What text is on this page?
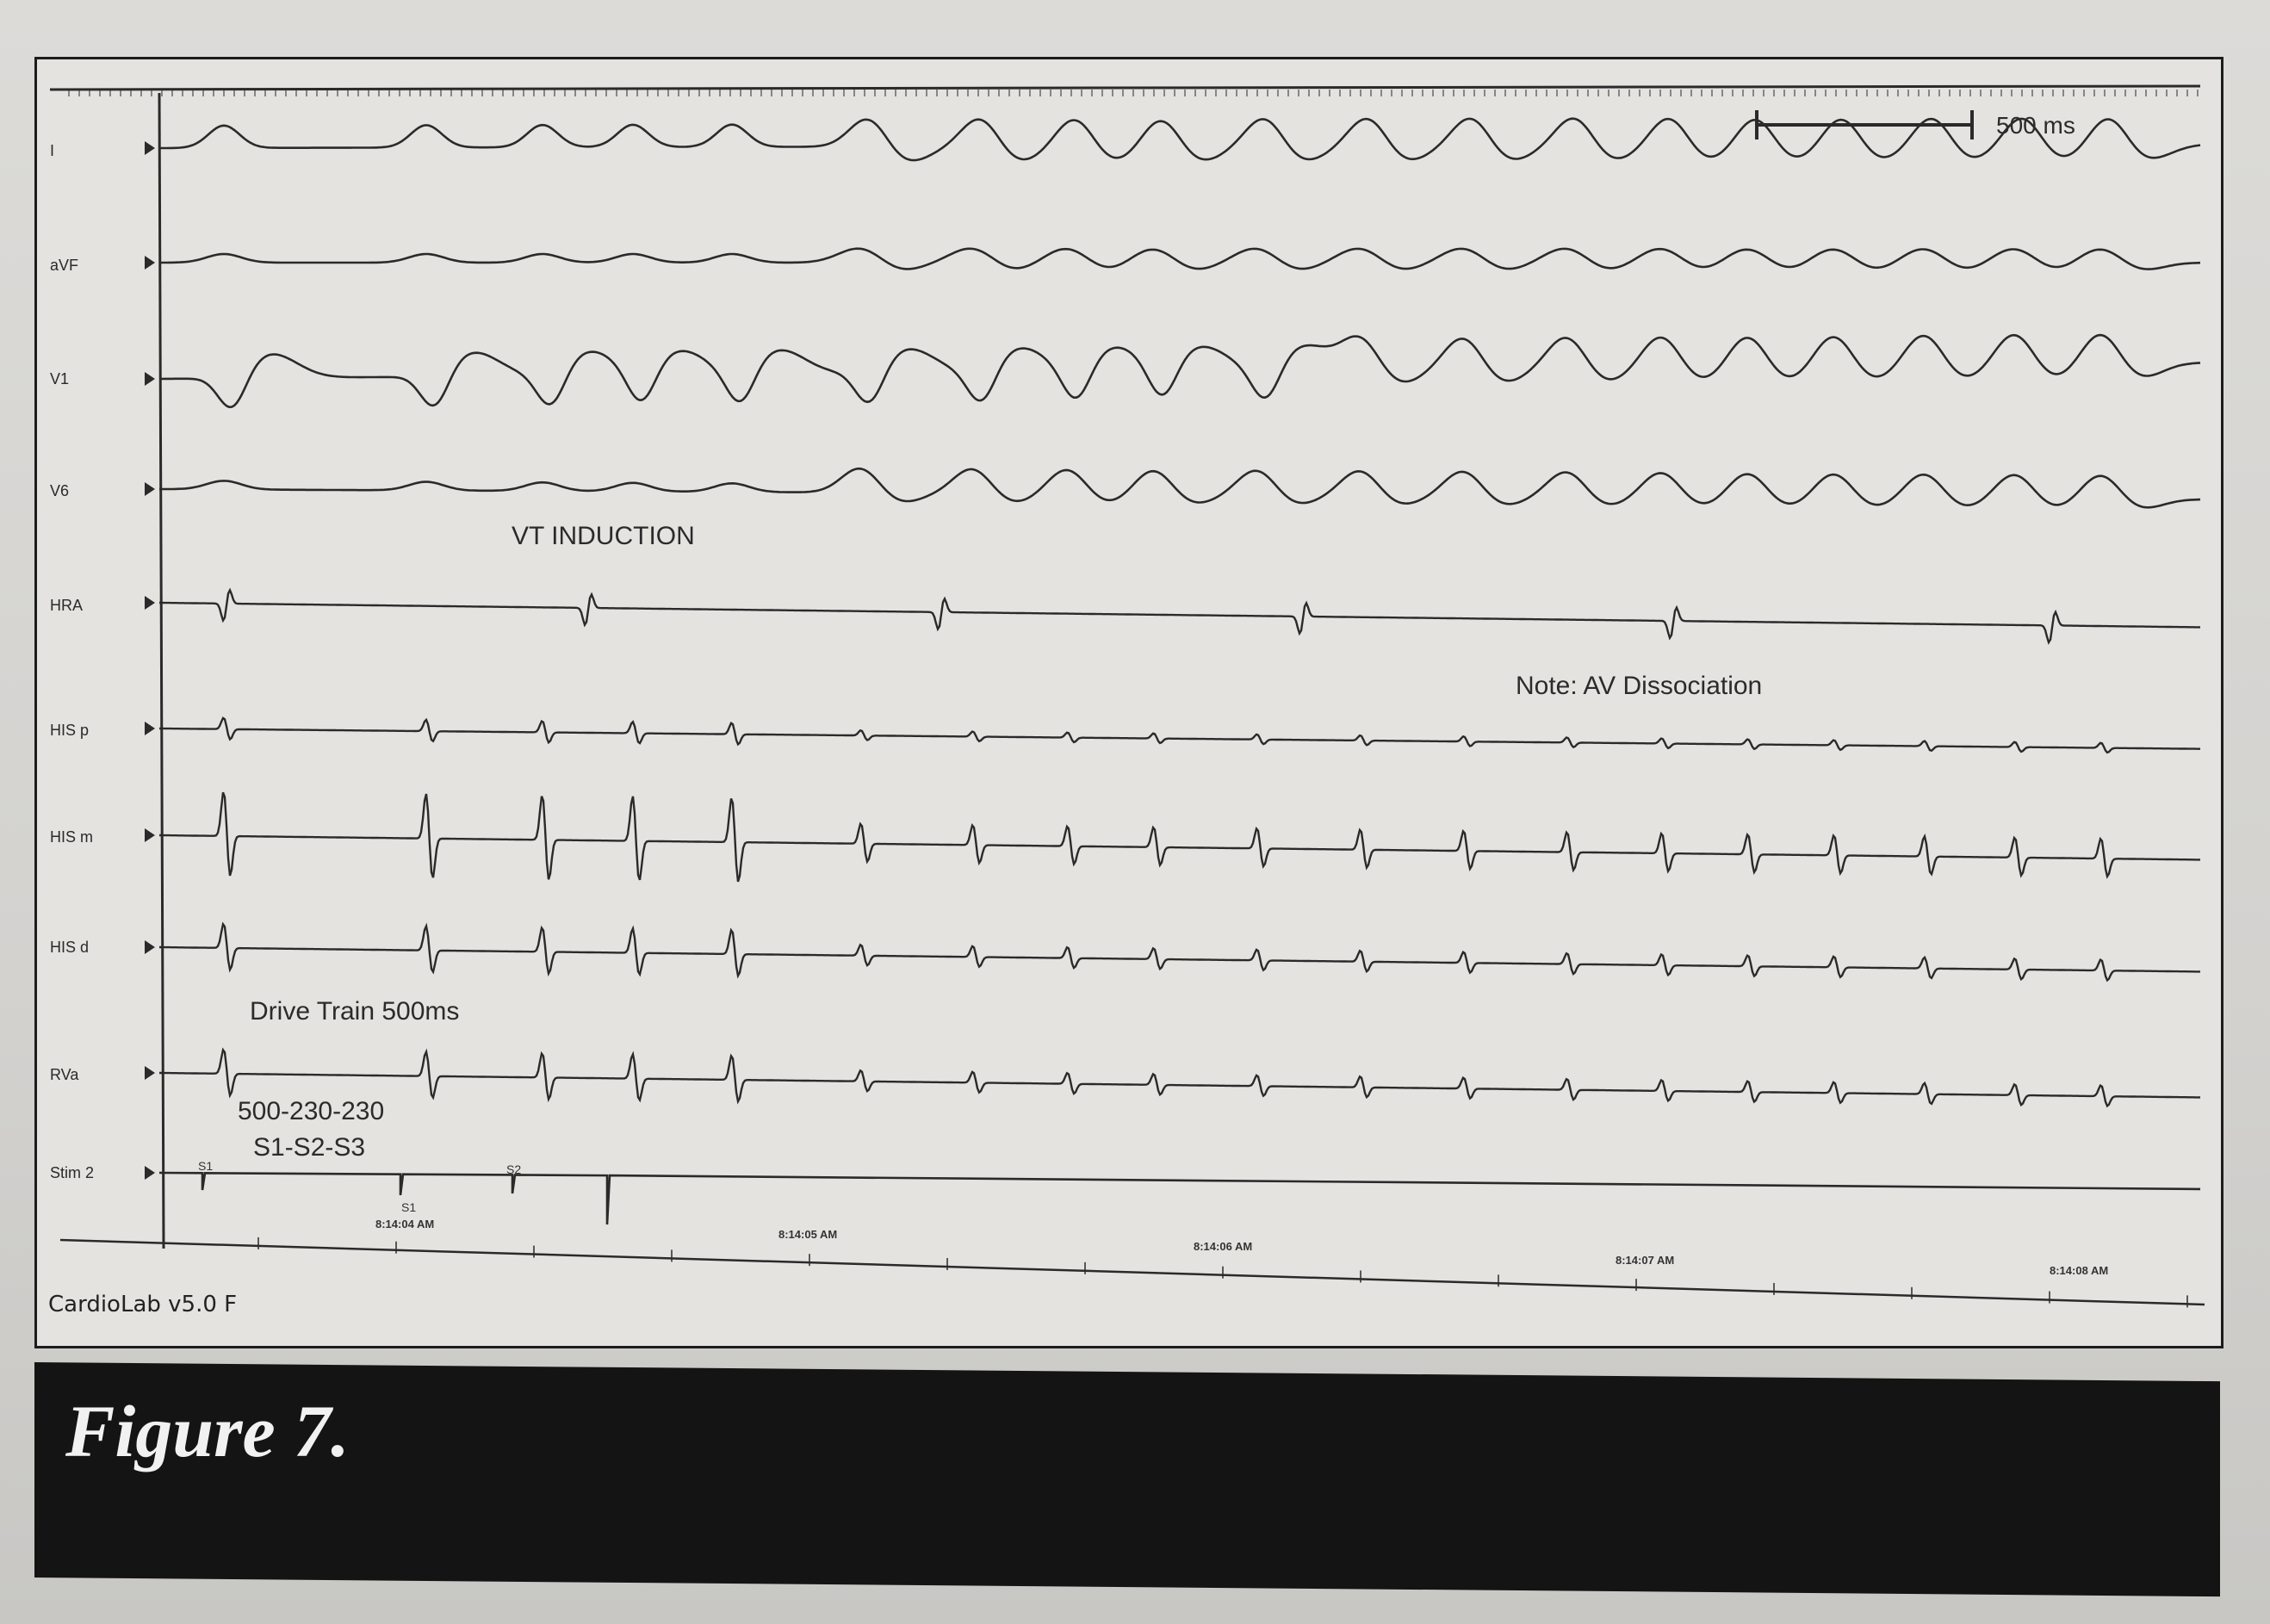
I
aVF
V1
V6
HRA
HIS p
HIS m
HIS d
RVa
Stim 2
500 ms
VT INDUCTION
Note: AV Dissociation
Drive Train 500ms
500-230-230
S1-S2-S3
S1
S1
S2
8:14:04 AM
8:14:05 AM
8:14:06 AM
8:14:07 AM
8:14:08 AM
CardioLab v5.0 F
Figure 7.
